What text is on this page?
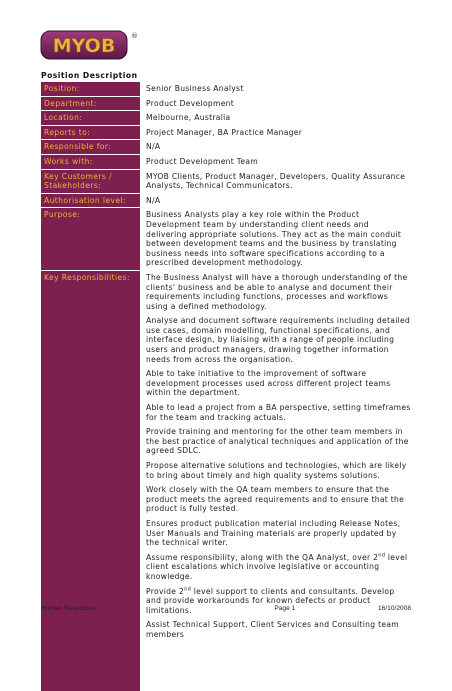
MYOB ®
Position Description
Position:	Senior Business Analyst
Department:	Product Development
Location:	Melbourne, Australia
Reports to:	Project Manager, BA Practice Manager
Responsible for:	N/A
Works with:	Product Development Team
Key Customers / Stakeholders:
MYOB Clients, Product Manager, Developers, Quality Assurance Analysts, Technical Communicators.
Authorisation level:	N/A
Purpose:	Business Analysts play a key role within the Product Development team by understanding client needs and delivering appropriate solutions. They act as the main conduit between development teams and the business by translating business needs into software specifications according to a prescribed development methodology.
Key Responsibilities:	The Business Analyst will have a thorough understanding of the clients' business and be able to analyse and document their requirements including functions, processes and workflows using a defined methodology.

Analyse and document software requirements including detailed use cases, domain modelling, functional specifications, and interface design, by liaising with a range of people including users and product managers, drawing together information needs from across the organisation.

Able to take initiative to the improvement of software development processes used across different project teams within the department.

Able to lead a project from a BA perspective, setting timeframes for the team and tracking actuals.

Provide training and mentoring for the other team members in the best practice of analytical techniques and application of the agreed SDLC.

Propose alternative solutions and technologies, which are likely to bring about timely and high quality systems solutions.

Work closely with the QA team members to ensure that the product meets the agreed requirements and to ensure that the product is fully tested.

Ensures product publication material including Release Notes, User Manuals and Training materials are properly updated by the technical writer.

Assume responsibility, along with the QA Analyst, over 2nd level client escalations which involve legislative or accounting knowledge.

Provide 2nd level support to clients and consultants. Develop and provide workarounds for known defects or product limitations.

Assist Technical Support, Client Services and Consulting team members

Human Resources	Page 1	16/10/2008
